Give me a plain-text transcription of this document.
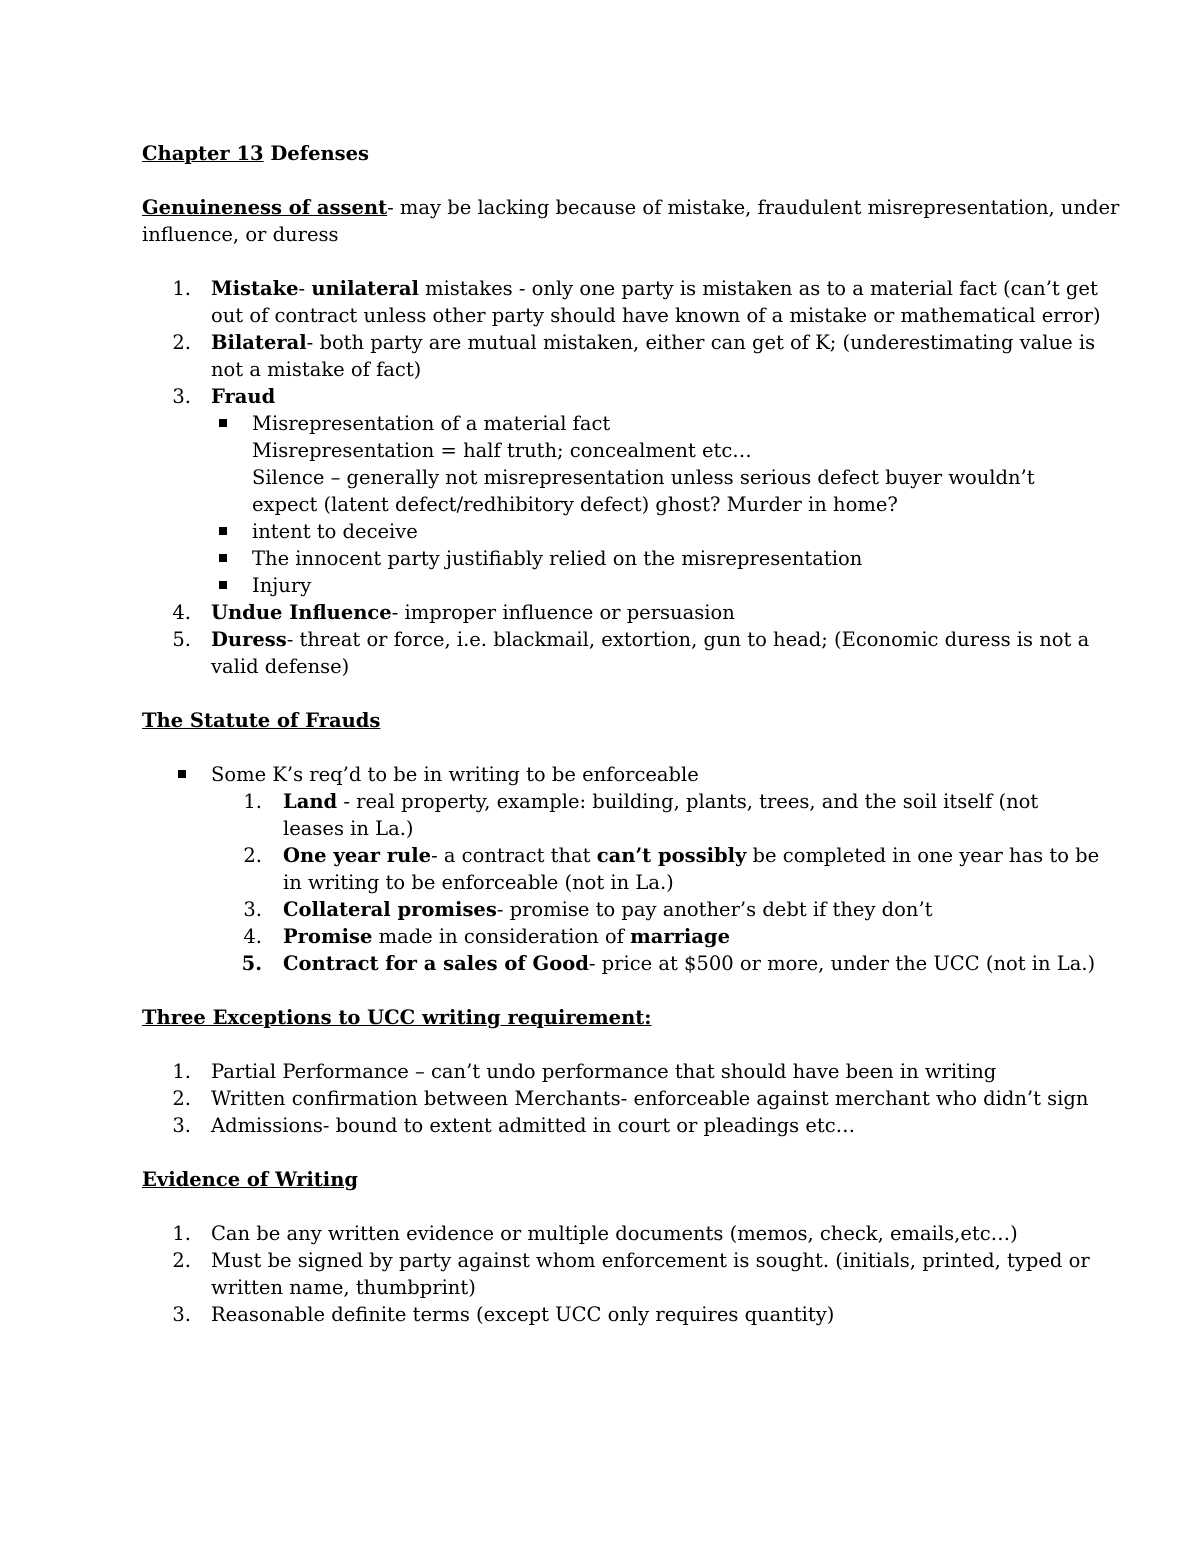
Chapter 13 Defenses
Genuineness of assent- may be lacking because of mistake, fraudulent misrepresentation, under
influence, or duress
1. Mistake- unilateral mistakes - only one party is mistaken as to a material fact (can’t get
out of contract unless other party should have known of a mistake or mathematical error)
2. Bilateral- both party are mutual mistaken, either can get of K; (underestimating value is
not a mistake of fact)
3. Fraud
Misrepresentation of a material fact
Misrepresentation = half truth; concealment etc…
Silence – generally not misrepresentation unless serious defect buyer wouldn’t
expect (latent defect/redhibitory defect) ghost? Murder in home?
intent to deceive
The innocent party justifiably relied on the misrepresentation
Injury
4. Undue Influence- improper influence or persuasion
5. Duress- threat or force, i.e. blackmail, extortion, gun to head; (Economic duress is not a
valid defense)
The Statute of Frauds
Some K’s req’d to be in writing to be enforceable
1. Land - real property, example: building, plants, trees, and the soil itself (not
leases in La.)
2. One year rule- a contract that can’t possibly be completed in one year has to be
in writing to be enforceable (not in La.)
3. Collateral promises- promise to pay another’s debt if they don’t
4. Promise made in consideration of marriage
5. Contract for a sales of Good- price at $500 or more, under the UCC (not in La.)
Three Exceptions to UCC writing requirement:
1. Partial Performance – can’t undo performance that should have been in writing
2. Written confirmation between Merchants- enforceable against merchant who didn’t sign
3. Admissions- bound to extent admitted in court or pleadings etc…
Evidence of Writing
1. Can be any written evidence or multiple documents (memos, check, emails,etc…)
2. Must be signed by party against whom enforcement is sought. (initials, printed, typed or
written name, thumbprint)
3. Reasonable definite terms (except UCC only requires quantity)
